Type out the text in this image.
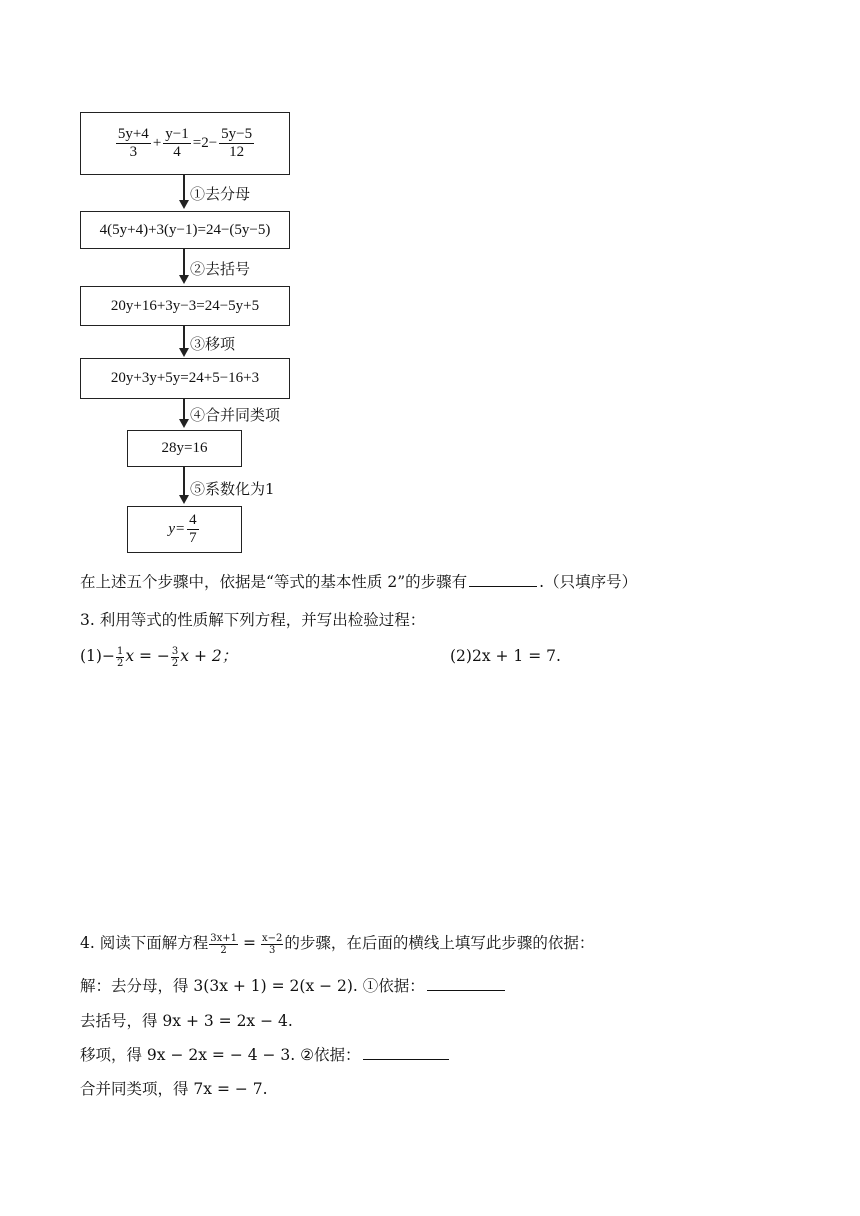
$\frac{5y+4}{3} + \frac{y-1}{4} =2- \frac{5y-5}{12}$
①去分母
4(5y+4)+3(y−1)=24−(5y−5)
②去括号
20y+16+3y−3=24−5y+5
③移项
20y+3y+5y=24+5−16+3
④合并同类项
28y=16
⑤系数化为1
$y= \frac{4}{7}$
在上述五个步骤中，依据是“等式的基本性质 2”的步骤有	.（只填序号）
3. 利用等式的性质解下列方程，并写出检验过程：
$(1)- \frac{1}{2}$ x = − $\frac{3}{2}$ x + 2；	(2)2x + 1 = 7.
4. 阅读下面解方程 $\frac{3x+1}{2} = \frac{x-2}{3}$ 的步骤，在后面的横线上填写此步骤的依据：
解：去分母，得 3(3x + 1) = 2(x − 2). ①依据：
去括号，得 9x + 3 = 2x − 4.
移项，得 9x − 2x = − 4 − 3. ②依据：
合并同类项，得 7x = − 7.
